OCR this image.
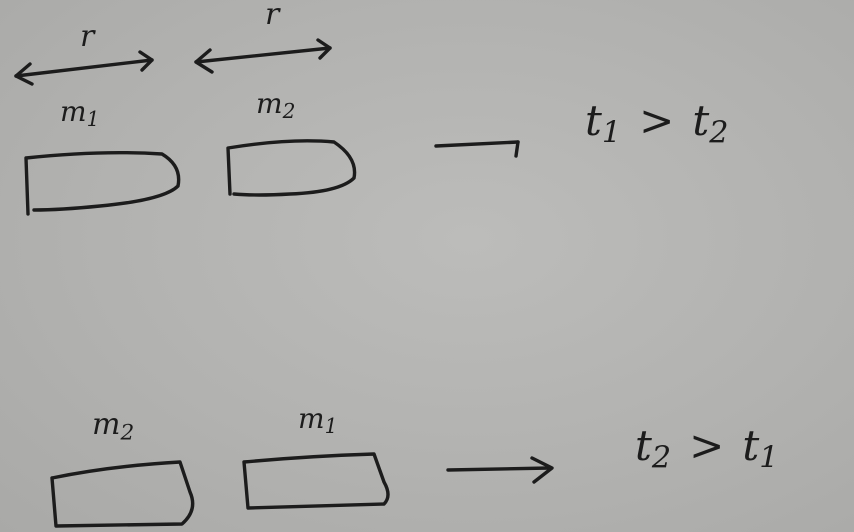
r
r
$m_1$	$m_2$	$t_1 > t_2$
$m_2$	$m_1$	$t_2 > t_1$
